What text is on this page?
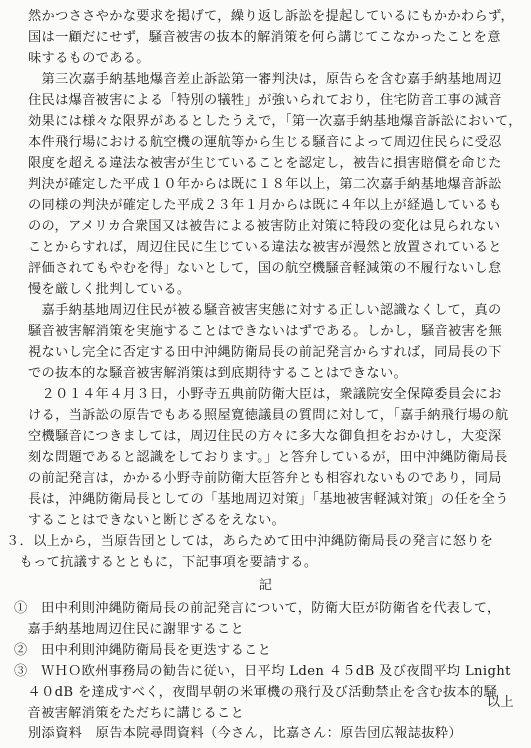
然かつささやかな要求を掲げて，繰り返し訴訟を提起しているにもかかわらず，
国は一顧だにせず，騒音被害の抜本的解消策を何ら講じてこなかったことを意
味するものである。
　第三次嘉手納基地爆音差止訴訟第一審判決は，原告らを含む嘉手納基地周辺
住民は爆音被害による「特別の犠牲」が強いられており，住宅防音工事の減音
効果には様々な限界があるとしたうえで，「第一次嘉手納基地爆音訴訟において，
本件飛行場における航空機の運航等から生じる騒音によって周辺住民らに受忍
限度を超える違法な被害が生じていることを認定し，被告に損害賠償を命じた
判決が確定した平成１０年からは既に１８年以上，第二次嘉手納基地爆音訴訟
の同様の判決が確定した平成２３年１月からは既に４年以上が経過しているも
のの，アメリカ合衆国又は被告による被害防止対策に特段の変化は見られない
ことからすれば，周辺住民に生じている違法な被害が漫然と放置されていると
評価されてもやむを得」ないとして，国の航空機騒音軽減策の不履行ないし怠
慢を厳しく批判している。
　嘉手納基地周辺住民が被る騒音被害実態に対する正しい認識なくして，真の
騒音被害解消策を実施することはできないはずである。しかし，騒音被害を無
視ないし完全に否定する田中沖縄防衛局長の前記発言からすれば，同局長の下
での抜本的な騒音被害解消策は到底期待することはできない。
　２０１４年４月３日，小野寺五典前防衛大臣は，衆議院安全保障委員会にお
ける，当訴訟の原告でもある照屋寛徳議員の質問に対して，「嘉手納飛行場の航
空機騒音につきましては，周辺住民の方々に多大な御負担をおかけし，大変深
刻な問題であると認識をしております。」と答弁しているが，田中沖縄防衛局長
の前記発言は，かかる小野寺前防衛大臣答弁とも相容れないものであり，同局
長は，沖縄防衛局長としての「基地周辺対策」「基地被害軽減対策」の任を全う
することはできないと断じざるをえない。
３．以上から，当原告団としては，あらためて田中沖縄防衛局長の発言に怒りを
　もって抗議するとともに，下記事項を要請する。
記
①　田中利則沖縄防衛局長の前記発言について，防衛大臣が防衛省を代表して，
　嘉手納基地周辺住民に謝罪すること
②　田中利則沖縄防衛局長を更迭すること
③　ＷＨＯ欧州事務局の勧告に従い，日平均 Lden ４５dB 及び夜間平均 Lnight
　４０dB を達成すべく，夜間早朝の米軍機の飛行及び活動禁止を含む抜本的騒
　音被害解消策をただちに講じること
以上
別添資料　原告本院尋問資料（今さん，比嘉さん：原告団広報誌抜粋）
